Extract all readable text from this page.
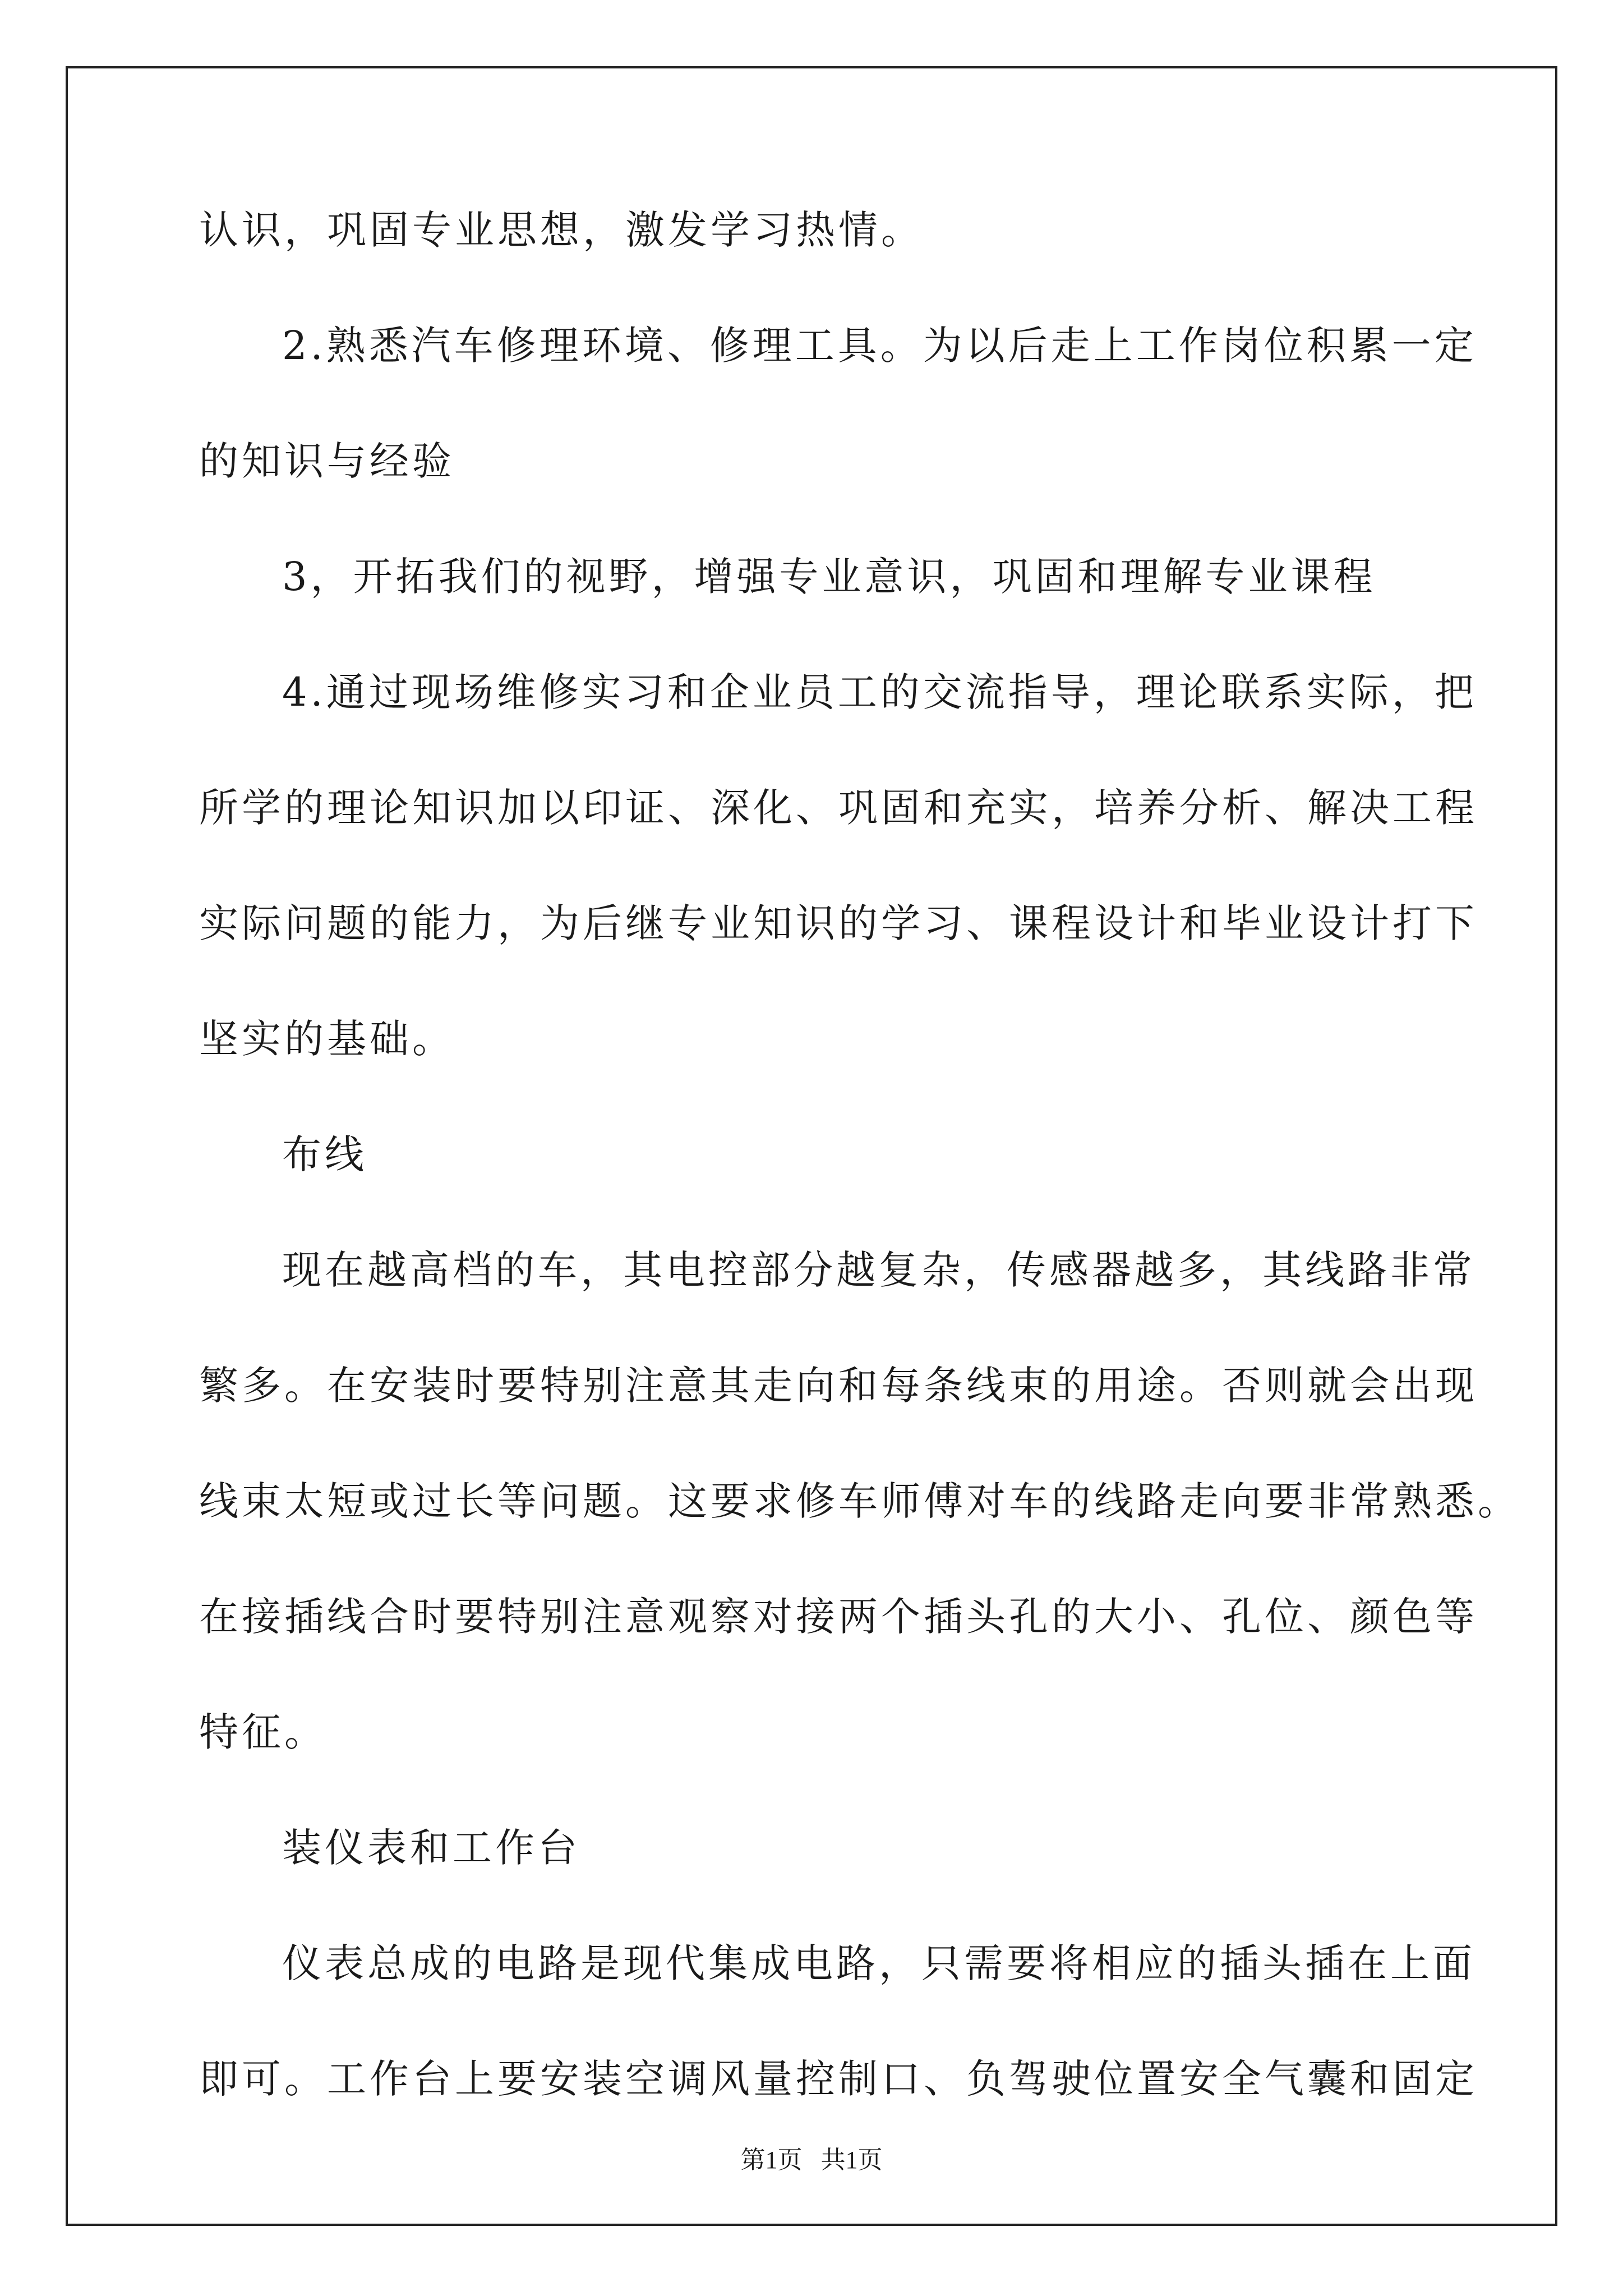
认识，巩固专业思想，激发学习热情。
2.熟悉汽车修理环境、修理工具。为以后走上工作岗位积累一定
的知识与经验
3，开拓我们的视野，增强专业意识，巩固和理解专业课程
4.通过现场维修实习和企业员工的交流指导，理论联系实际，把
所学的理论知识加以印证、深化、巩固和充实，培养分析、解决工程
实际问题的能力，为后继专业知识的学习、课程设计和毕业设计打下
坚实的基础。
布线
现在越高档的车，其电控部分越复杂，传感器越多，其线路非常
繁多。在安装时要特别注意其走向和每条线束的用途。否则就会出现
线束太短或过长等问题。这要求修车师傅对车的线路走向要非常熟悉。
在接插线合时要特别注意观察对接两个插头孔的大小、孔位、颜色等
特征。
装仪表和工作台
仪表总成的电路是现代集成电路，只需要将相应的插头插在上面
即可。工作台上要安装空调风量控制口、负驾驶位置安全气囊和固定
第1页   共1页
